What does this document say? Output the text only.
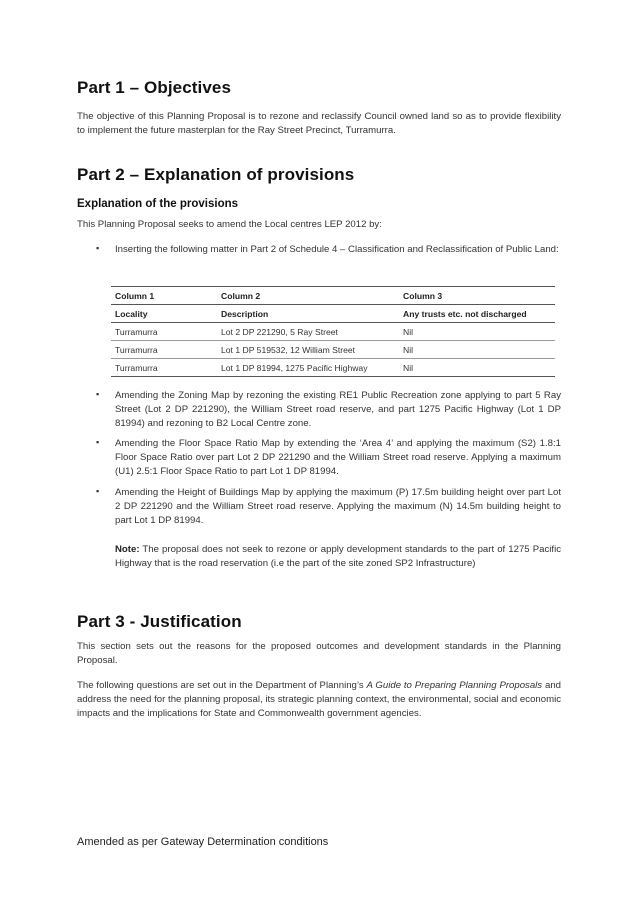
Part 1 – Objectives

The objective of this Planning Proposal is to rezone and reclassify Council owned land so as to provide flexibility to implement the future masterplan for the Ray Street Precinct, Turramurra.

Part 2 – Explanation of provisions
Explanation of the provisions

This Planning Proposal seeks to amend the Local centres LEP 2012 by:

▪ Inserting the following matter in Part 2 of Schedule 4 – Classification and Reclassification of Public Land:

Column 1	Column 2	Column 3
Locality	Description	Any trusts etc. not discharged
Turramurra	Lot 2 DP 221290, 5 Ray Street	Nil
Turramurra	Lot 1 DP 519532, 12 William Street	Nil
Turramurra	Lot 1 DP 81994, 1275 Pacific Highway	Nil
▪ Amending the Zoning Map by rezoning the existing RE1 Public Recreation zone applying to part 5 Ray Street (Lot 2 DP 221290), the William Street road reserve, and part 1275 Pacific Highway (Lot 1 DP 81994) and rezoning to B2 Local Centre zone.

▪ Amending the Floor Space Ratio Map by extending the ‘Area 4’ and applying the maximum (S2) 1.8:1 Floor Space Ratio over part Lot 2 DP 221290 and the William Street road reserve. Applying a maximum (U1) 2.5:1 Floor Space Ratio to part Lot 1 DP 81994.

▪ Amending the Height of Buildings Map by applying the maximum (P) 17.5m building height over part Lot 2 DP 221290 and the William Street road reserve. Applying the maximum (N) 14.5m building height to part Lot 1 DP 81994.

Note: The proposal does not seek to rezone or apply development standards to the part of 1275 Pacific Highway that is the road reservation (i.e the part of the site zoned SP2 Infrastructure)

Part 3 - Justification

This section sets out the reasons for the proposed outcomes and development standards in the Planning Proposal.

The following questions are set out in the Department of Planning’s A Guide to Preparing Planning Proposals and address the need for the planning proposal, its strategic planning context, the environmental, social and economic impacts and the implications for State and Commonwealth government agencies.

Amended as per Gateway Determination conditions
